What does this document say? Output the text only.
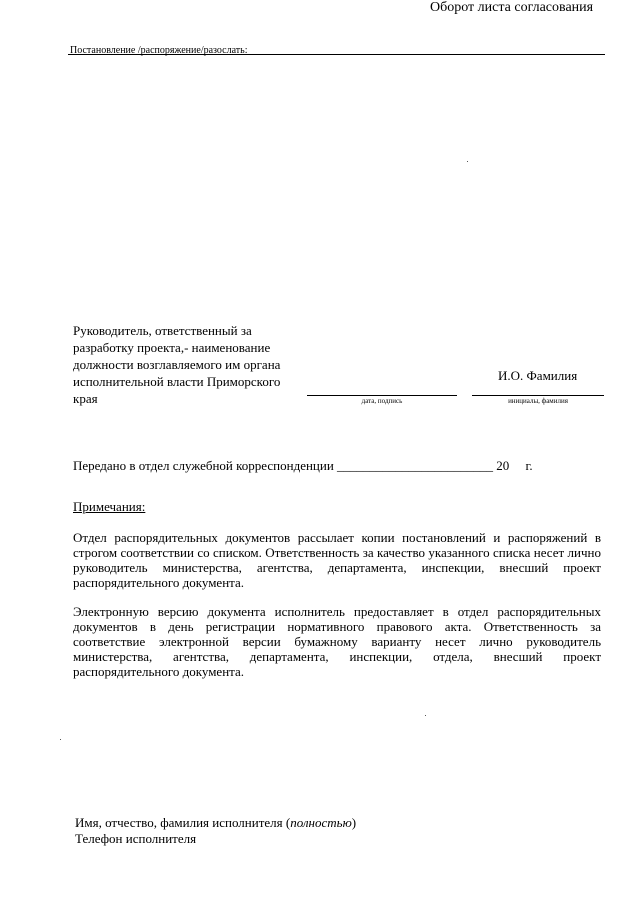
Оборот листа согласования
Постановление /распоряжение/разослать:
Руководитель, ответственный за разработку проекта,- наименование должности возглавляемого им органа исполнительной власти Приморского края
И.О. Фамилия
дата, подпись	инициалы, фамилия
Передано в отдел служебной корреспонденции ________________________ 20     г.
Примечания:
Отдел распорядительных документов рассылает копии постановлений и распоряжений в строгом соответствии со списком. Ответственность за качество указанного списка несет лично руководитель министерства, агентства, департамента, инспекции, внесший проект распорядительного документа.
Электронную версию документа исполнитель предоставляет в отдел распорядительных документов в день регистрации нормативного правового акта. Ответственность за соответствие электронной версии бумажному варианту несет лично руководитель министерства, агентства, департамента, инспекции, отдела, внесший проект распорядительного документа.
Имя, отчество, фамилия исполнителя (полностью)
Телефон исполнителя
